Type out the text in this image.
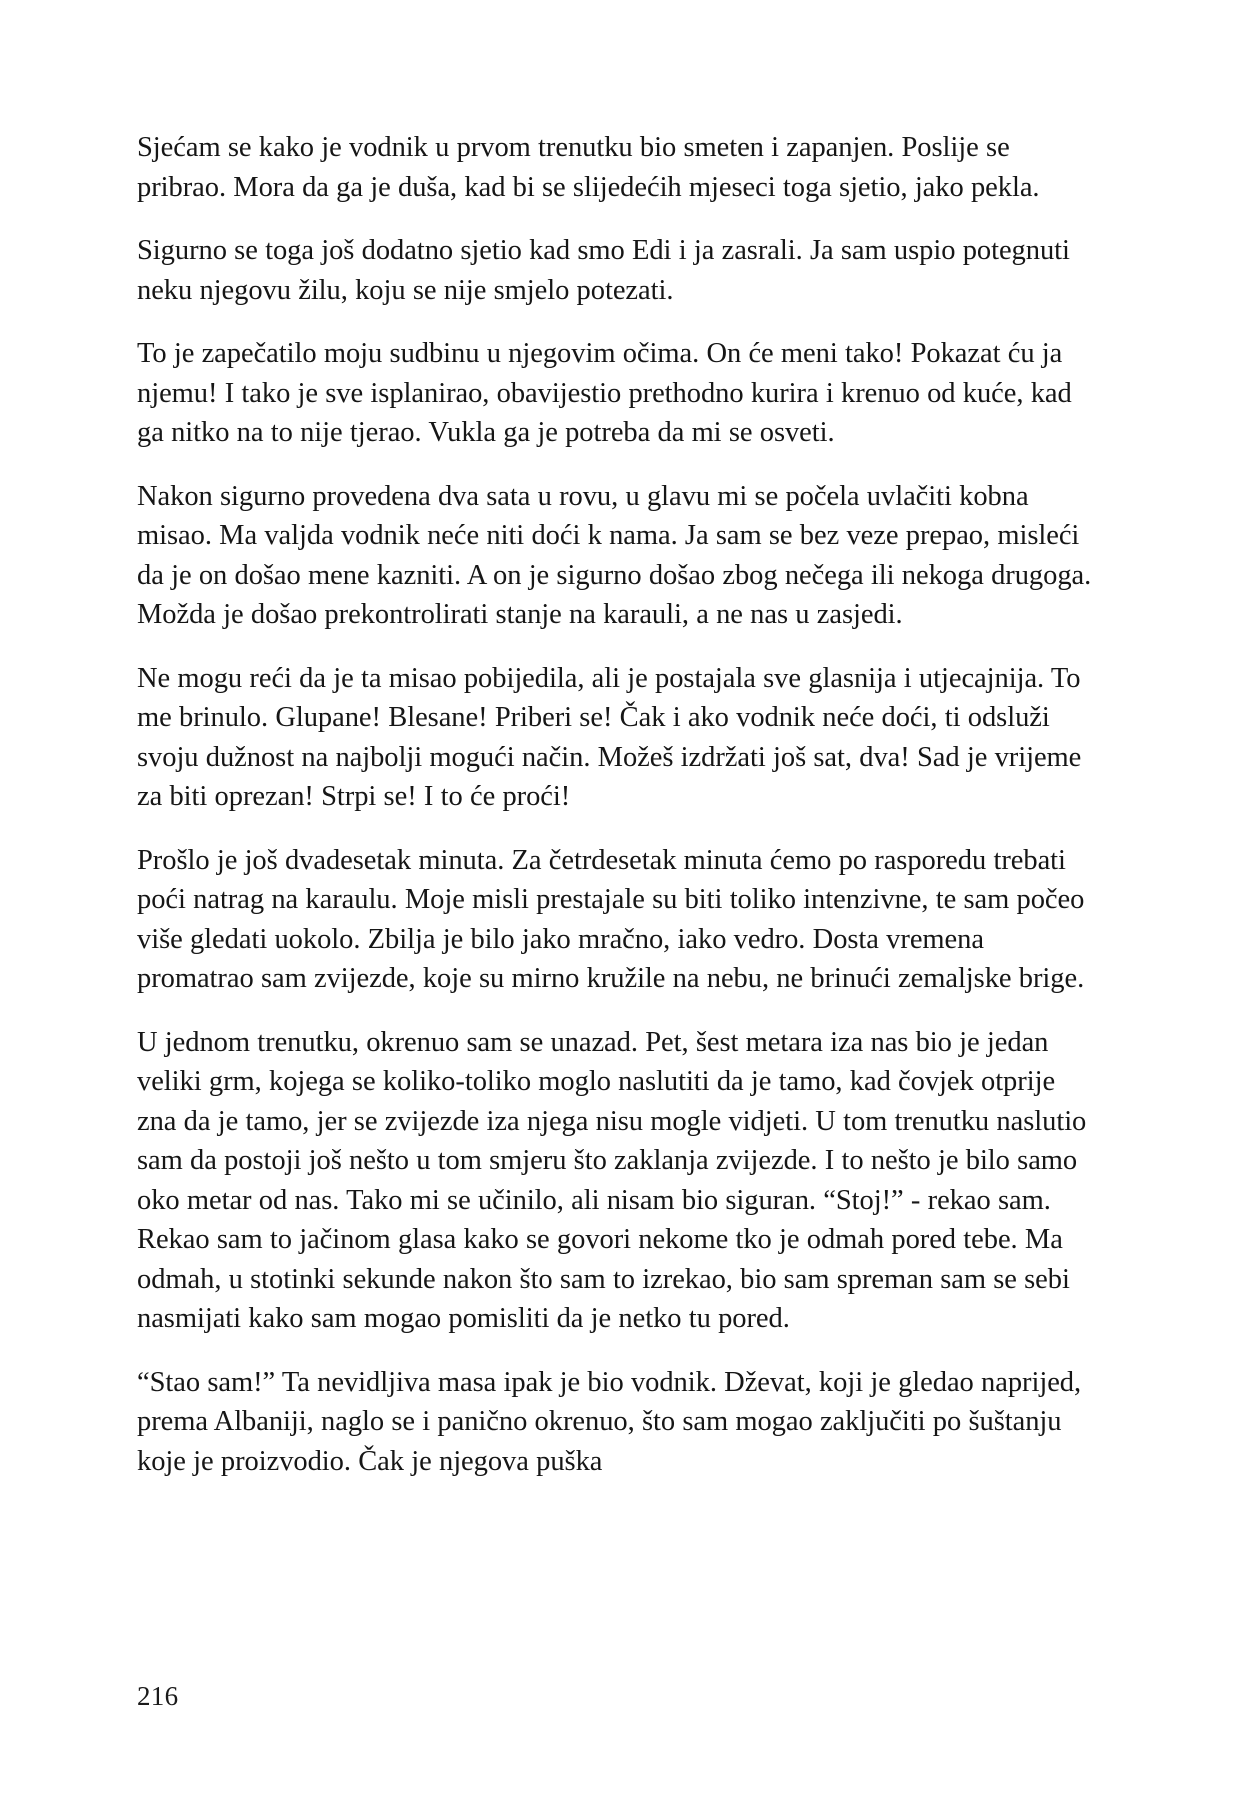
Sjećam se kako je vodnik u prvom trenutku bio smeten i zapanjen. Poslije se pribrao. Mora da ga je duša, kad bi se slijedećih mjeseci toga sjetio, jako pekla.

Sigurno se toga još dodatno sjetio kad smo Edi i ja zasrali. Ja sam uspio potegnuti neku njegovu žilu, koju se nije smjelo potezati.

To je zapečatilo moju sudbinu u njegovim očima. On će meni tako! Pokazat ću ja njemu! I tako je sve isplanirao, obavijestio prethodno kurira i krenuo od kuće, kad ga nitko na to nije tjerao. Vukla ga je potreba da mi se osveti.

Nakon sigurno provedena dva sata u rovu, u glavu mi se počela uvlačiti kobna misao. Ma valjda vodnik neće niti doći k nama. Ja sam se bez veze prepao, misleći da je on došao mene kazniti. A on je sigurno došao zbog nečega ili nekoga drugoga. Možda je došao prekontrolirati stanje na karauli, a ne nas u zasjedi.

Ne mogu reći da je ta misao pobijedila, ali je postajala sve glasnija i utjecajnija. To me brinulo. Glupane! Blesane! Priberi se! Čak i ako vodnik neće doći, ti odsluži svoju dužnost na najbolji mogući način. Možeš izdržati još sat, dva! Sad je vrijeme za biti oprezan! Strpi se! I to će proći!

Prošlo je još dvadesetak minuta. Za četrdesetak minuta ćemo po rasporedu trebati poći natrag na karaulu. Moje misli prestajale su biti toliko intenzivne, te sam počeo više gledati uokolo. Zbilja je bilo jako mračno, iako vedro. Dosta vremena promatrao sam zvijezde, koje su mirno kružile na nebu, ne brinući zemaljske brige.

U jednom trenutku, okrenuo sam se unazad. Pet, šest metara iza nas bio je jedan veliki grm, kojega se koliko-toliko moglo naslutiti da je tamo, kad čovjek otprije zna da je tamo, jer se zvijezde iza njega nisu mogle vidjeti. U tom trenutku naslutio sam da postoji još nešto u tom smjeru što zaklanja zvijezde. I to nešto je bilo samo oko metar od nas. Tako mi se učinilo, ali nisam bio siguran. “Stoj!” - rekao sam. Rekao sam to jačinom glasa kako se govori nekome tko je odmah pored tebe. Ma odmah, u stotinki sekunde nakon što sam to izrekao, bio sam spreman sam se sebi nasmijati kako sam mogao pomisliti da je netko tu pored.

“Stao sam!” Ta nevidljiva masa ipak je bio vodnik. Dževat, koji je gledao naprijed, prema Albaniji, naglo se i panično okrenuo, što sam mogao zaključiti po šuštanju koje je proizvodio. Čak je njegova puška

216
